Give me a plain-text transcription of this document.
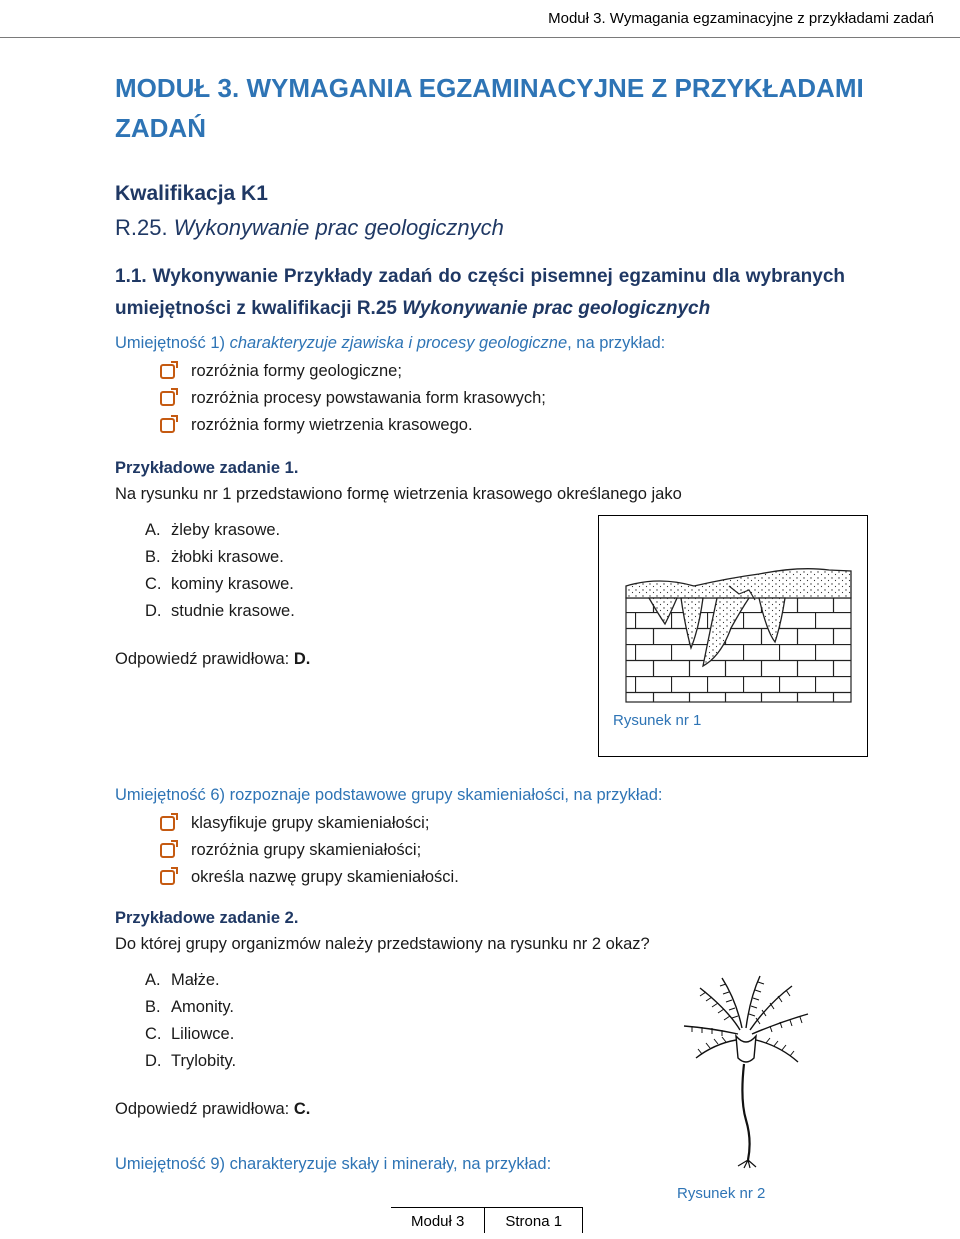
Moduł 3. Wymagania egzaminacyjne z przykładami zadań
MODUŁ 3. WYMAGANIA EGZAMINACYJNE Z PRZYKŁADAMI ZADAŃ
Kwalifikacja K1
R.25. Wykonywanie prac geologicznych
1.1. Wykonywanie Przykłady zadań do części pisemnej egzaminu dla wybranych umiejętności z kwalifikacji R.25 Wykonywanie prac geologicznych
Umiejętność 1) charakteryzuje zjawiska i procesy geologiczne, na przykład:
rozróżnia formy geologiczne;
rozróżnia procesy powstawania form krasowych;
rozróżnia formy wietrzenia krasowego.
Przykładowe zadanie 1.
Na rysunku nr 1 przedstawiono formę wietrzenia krasowego określanego jako
A. żleby krasowe.
B. żłobki krasowe.
C. kominy krasowe.
D. studnie krasowe.
Odpowiedź prawidłowa: D.
Rysunek nr 1
Umiejętność 6) rozpoznaje podstawowe grupy skamieniałości, na przykład:
klasyfikuje grupy skamieniałości;
rozróżnia grupy skamieniałości;
określa nazwę grupy skamieniałości.
Przykładowe zadanie 2.
Do której grupy organizmów należy przedstawiony na rysunku nr 2 okaz?
A. Małże.
B. Amonity.
C. Liliowce.
D. Trylobity.
Odpowiedź prawidłowa: C.
Rysunek nr 2
Umiejętność 9) charakteryzuje skały i minerały, na przykład:
Moduł 3	Strona 1
